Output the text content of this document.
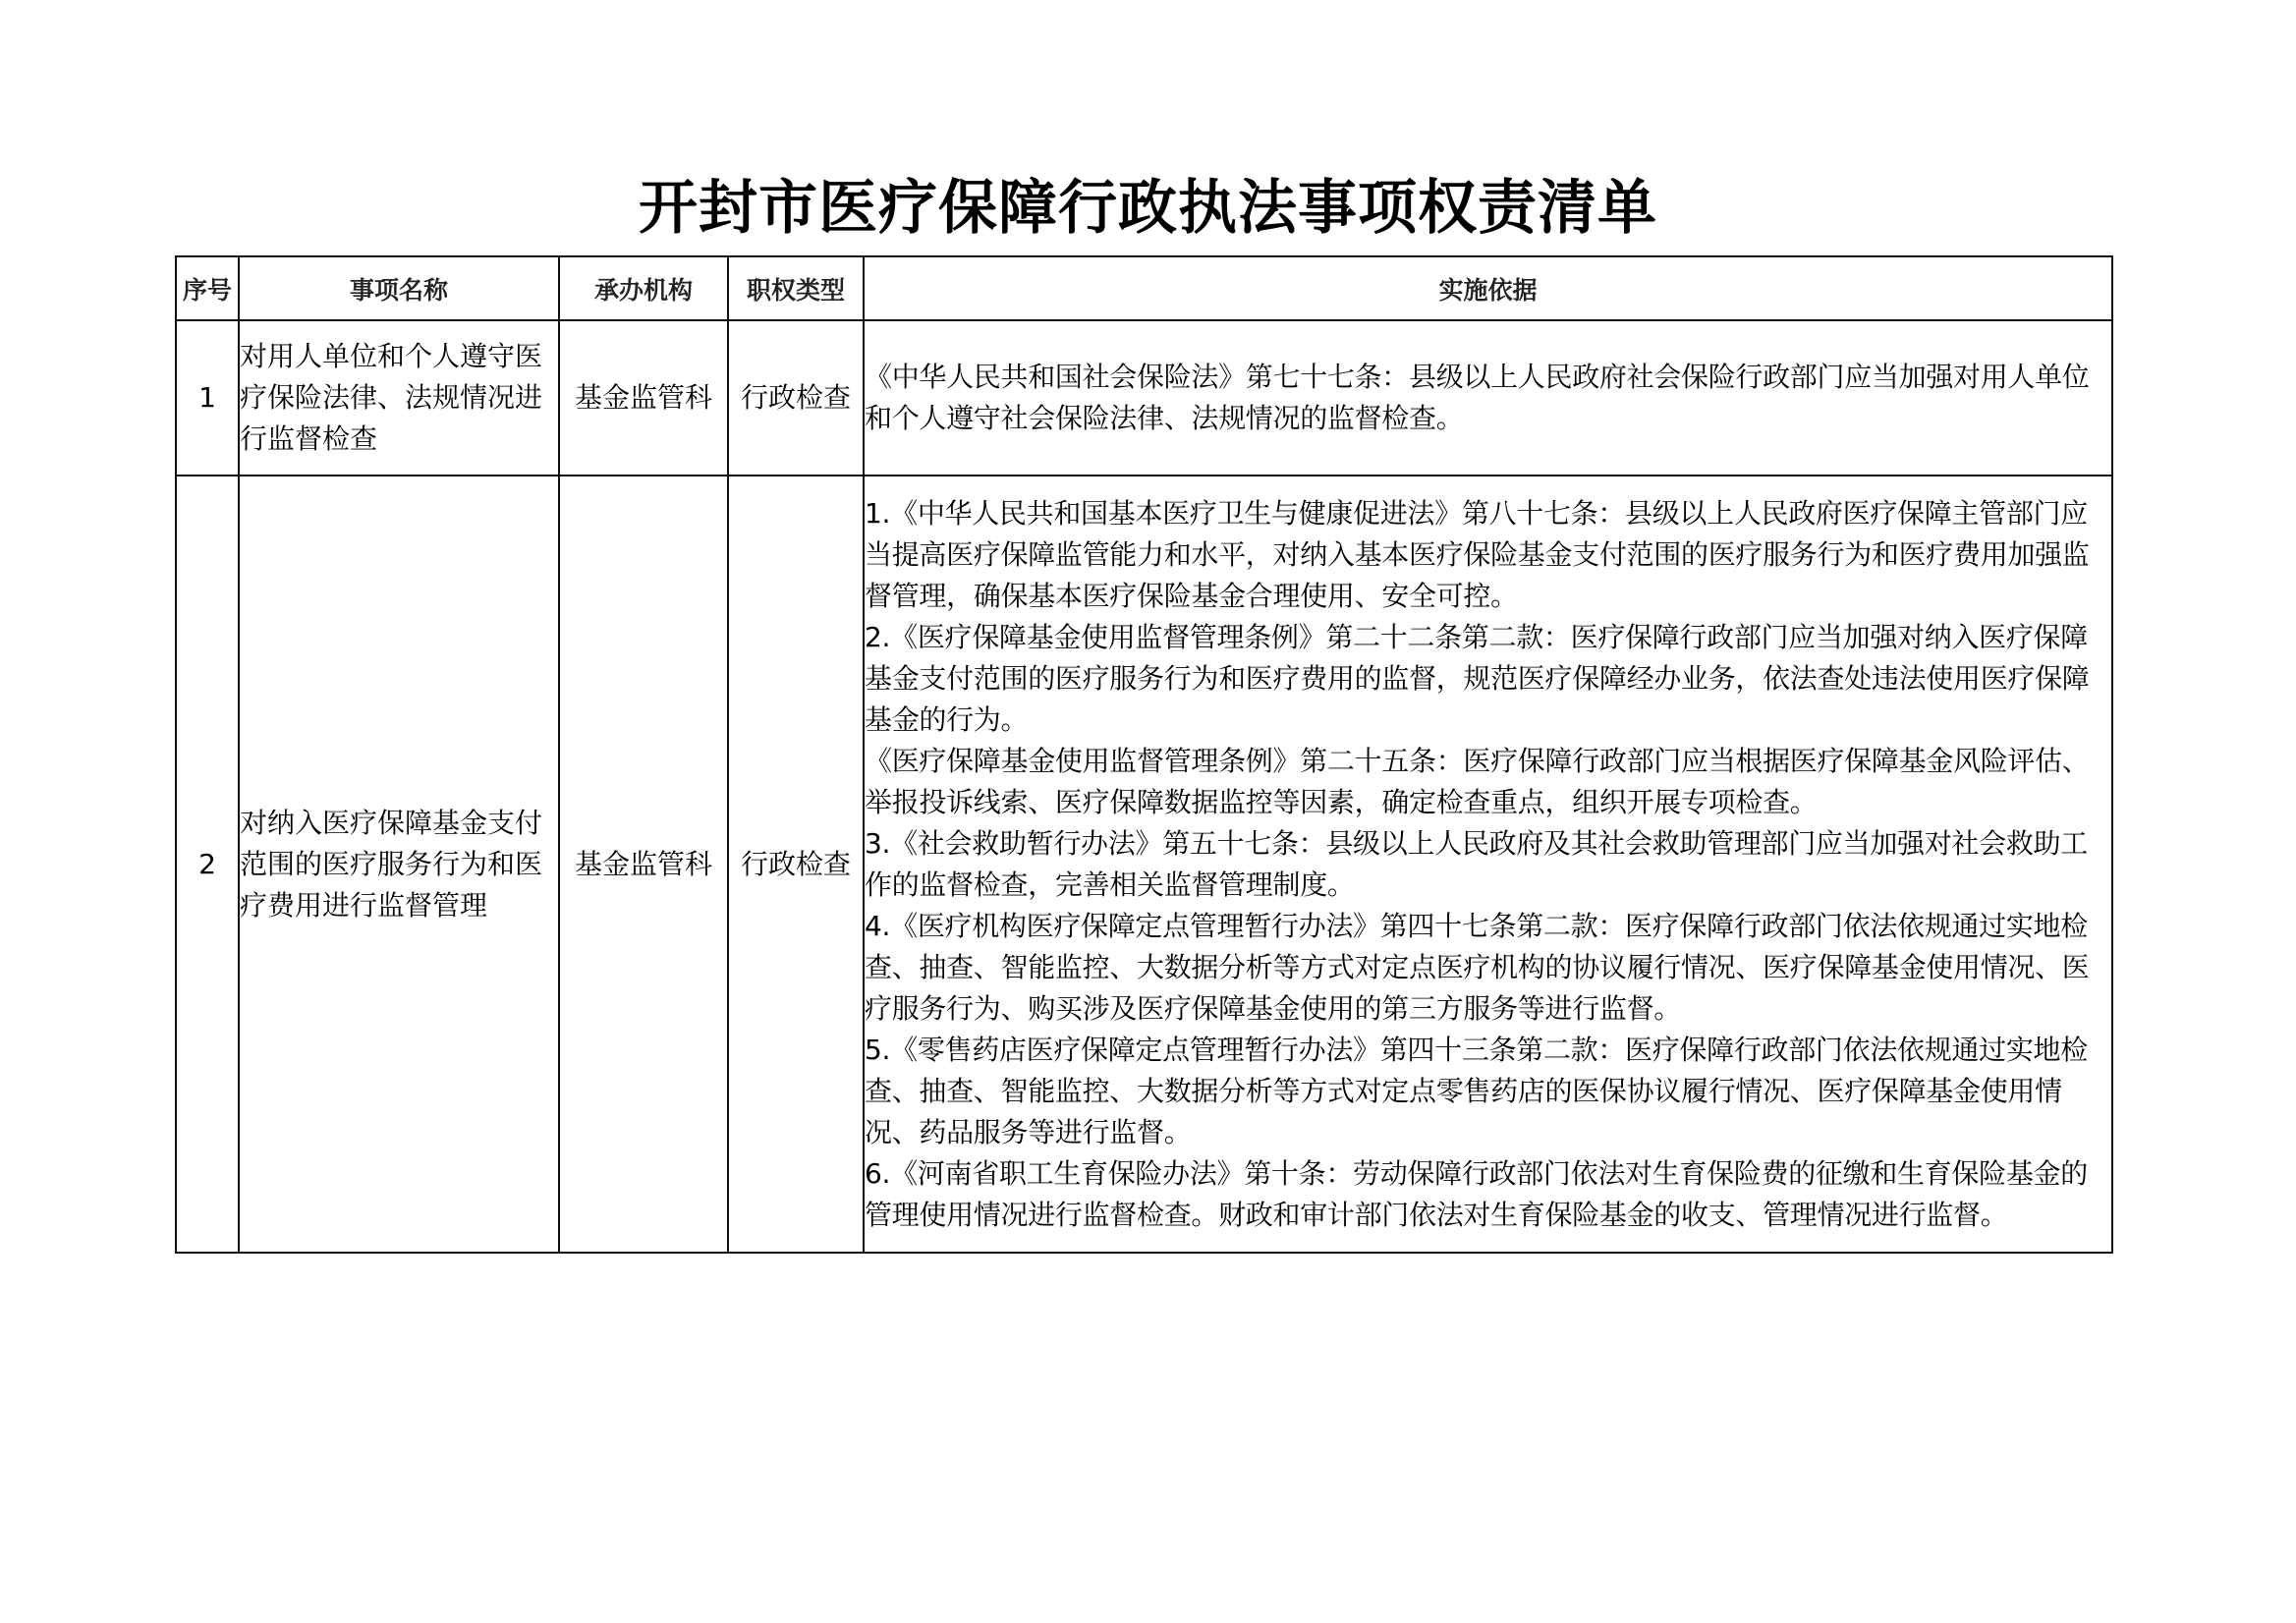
开封市医疗保障行政执法事项权责清单
序号	事项名称	承办机构	职权类型	实施依据
1	对用人单位和个人遵守医疗保险法律、法规情况进行监督检查	基金监管科	行政检查	《中华人民共和国社会保险法》第七十七条：县级以上人民政府社会保险行政部门应当加强对用人单位和个人遵守社会保险法律、法规情况的监督检查。

2	对纳入医疗保障基金支付范围的医疗服务行为和医疗费用进行监督管理	基金监管科	行政检查	
1.《中华人民共和国基本医疗卫生与健康促进法》第八十七条：县级以上人民政府医疗保障主管部门应当提高医疗保障监管能力和水平，对纳入基本医疗保险基金支付范围的医疗服务行为和医疗费用加强监督管理，确保基本医疗保险基金合理使用、安全可控。
2.《医疗保障基金使用监督管理条例》第二十二条第二款：医疗保障行政部门应当加强对纳入医疗保障基金支付范围的医疗服务行为和医疗费用的监督，规范医疗保障经办业务，依法查处违法使用医疗保障基金的行为。
《医疗保障基金使用监督管理条例》第二十五条：医疗保障行政部门应当根据医疗保障基金风险评估、举报投诉线索、医疗保障数据监控等因素，确定检查重点，组织开展专项检查。
3.《社会救助暂行办法》第五十七条：县级以上人民政府及其社会救助管理部门应当加强对社会救助工作的监督检查，完善相关监督管理制度。
4.《医疗机构医疗保障定点管理暂行办法》第四十七条第二款：医疗保障行政部门依法依规通过实地检查、抽查、智能监控、大数据分析等方式对定点医疗机构的协议履行情况、医疗保障基金使用情况、医疗服务行为、购买涉及医疗保障基金使用的第三方服务等进行监督。
5.《零售药店医疗保障定点管理暂行办法》第四十三条第二款：医疗保障行政部门依法依规通过实地检查、抽查、智能监控、大数据分析等方式对定点零售药店的医保协议履行情况、医疗保障基金使用情况、药品服务等进行监督。
6.《河南省职工生育保险办法》第十条：劳动保障行政部门依法对生育保险费的征缴和生育保险基金的管理使用情况进行监督检查。财政和审计部门依法对生育保险基金的收支、管理情况进行监督。
